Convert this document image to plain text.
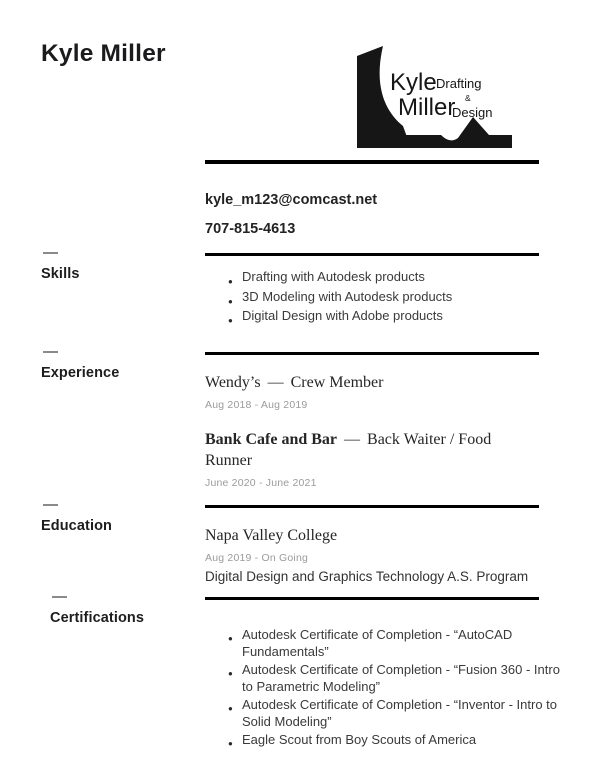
Kyle Miller
Kyle Drafting
&
Miller
Design
kyle_m123@comcast.net
707-815-4613
Skills	● Drafting with Autodesk products
● 3D Modeling with Autodesk products
● Digital Design with Adobe products
Experience
Wendy’s — Crew Member
Aug 2018 - Aug 2019
Bank Cafe and Bar — Back Waiter / Food Runner
June 2020 - June 2021
Education
Napa Valley College
Aug 2019 - On Going
Digital Design and Graphics Technology A.S. Program
Certifications
● Autodesk Certificate of Completion - “AutoCAD Fundamentals”
● Autodesk Certificate of Completion - “Fusion 360 - Intro to Parametric Modeling”
● Autodesk Certificate of Completion - “Inventor - Intro to Solid Modeling”
● Eagle Scout from Boy Scouts of America
